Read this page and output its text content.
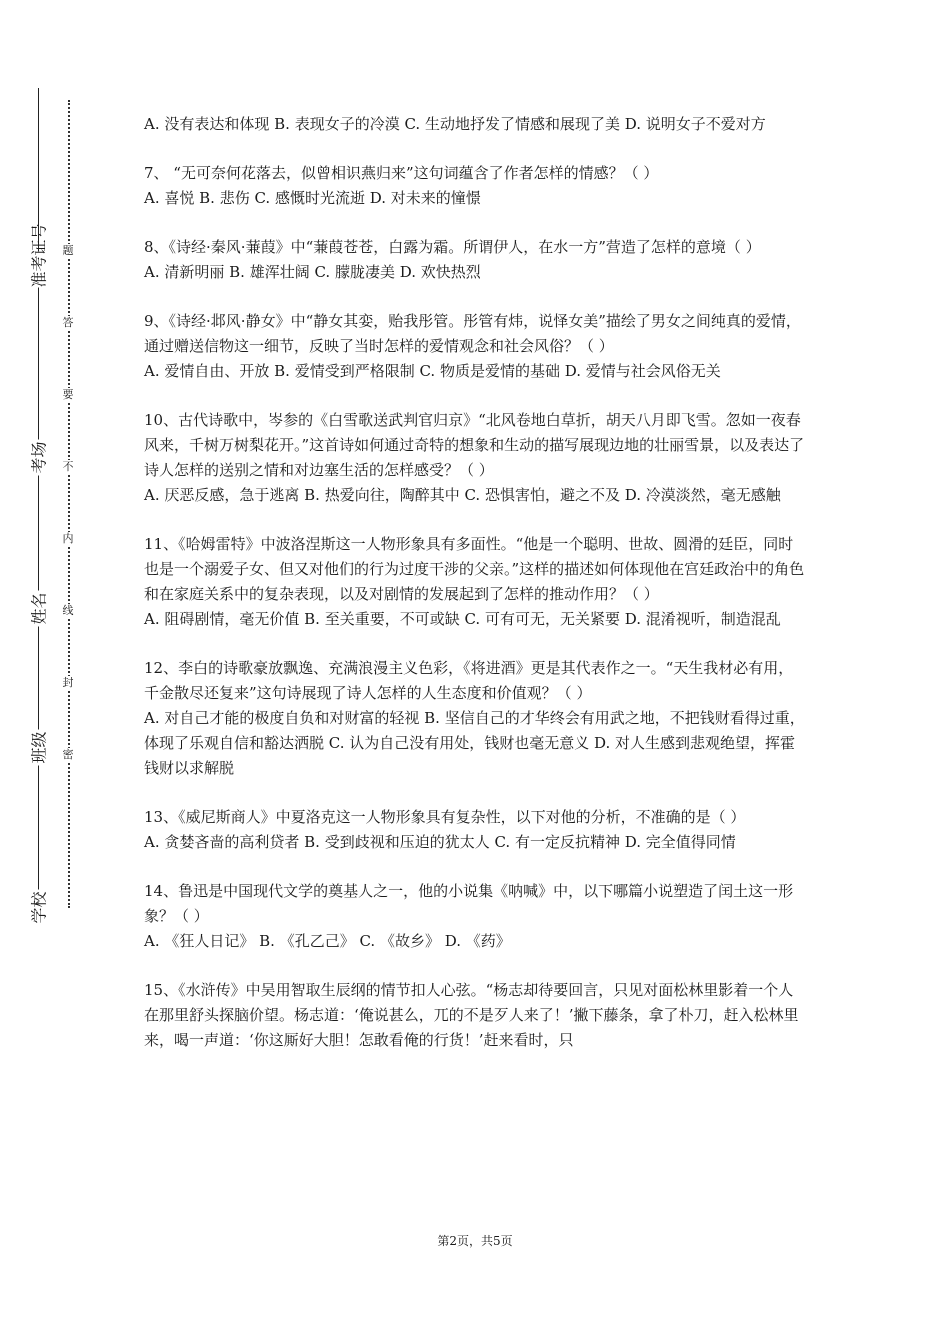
准考证号
考场
姓名
班级
学校
题
答
要
不
内
线
封
密

A. 没有表达和体现 B. 表现女子的冷漠 C. 生动地抒发了情感和展现了美 D. 说明女子不爱对方

7、 “无可奈何花落去，似曾相识燕归来”这句词蕴含了作者怎样的情感？（ ）

A. 喜悦 B. 悲伤 C. 感慨时光流逝 D. 对未来的憧憬

8、《诗经·秦风·蒹葭》中“蒹葭苍苍，白露为霜。所谓伊人，在水一方”营造了怎样的意境（ ）

A. 清新明丽 B. 雄浑壮阔 C. 朦胧凄美 D. 欢快热烈

9、《诗经·邶风·静女》中“静女其娈，贻我彤管。彤管有炜，说怿女美”描绘了男女之间纯真的爱情，通过赠送信物这一细节，反映了当时怎样的爱情观念和社会风俗？（ ）

A. 爱情自由、开放 B. 爱情受到严格限制 C. 物质是爱情的基础 D. 爱情与社会风俗无关

10、古代诗歌中，岑参的《白雪歌送武判官归京》“北风卷地白草折，胡天八月即飞雪。忽如一夜春风来，千树万树梨花开。”这首诗如何通过奇特的想象和生动的描写展现边地的壮丽雪景，以及表达了诗人怎样的送别之情和对边塞生活的怎样感受？（ ）

A. 厌恶反感，急于逃离 B. 热爱向往，陶醉其中 C. 恐惧害怕，避之不及 D. 冷漠淡然，毫无感触

11、《哈姆雷特》中波洛涅斯这一人物形象具有多面性。“他是一个聪明、世故、圆滑的廷臣，同时也是一个溺爱子女、但又对他们的行为过度干涉的父亲。”这样的描述如何体现他在宫廷政治中的角色和在家庭关系中的复杂表现，以及对剧情的发展起到了怎样的推动作用？（ ）

A. 阻碍剧情，毫无价值 B. 至关重要，不可或缺 C. 可有可无，无关紧要 D. 混淆视听，制造混乱

12、李白的诗歌豪放飘逸、充满浪漫主义色彩，《将进酒》更是其代表作之一。“天生我材必有用，千金散尽还复来”这句诗展现了诗人怎样的人生态度和价值观？（ ）

A. 对自己才能的极度自负和对财富的轻视 B. 坚信自己的才华终会有用武之地，不把钱财看得过重，体现了乐观自信和豁达洒脱 C. 认为自己没有用处，钱财也毫无意义 D. 对人生感到悲观绝望，挥霍钱财以求解脱

13、《威尼斯商人》中夏洛克这一人物形象具有复杂性，以下对他的分析，不准确的是（ ）

A. 贪婪吝啬的高利贷者 B. 受到歧视和压迫的犹太人 C. 有一定反抗精神 D. 完全值得同情

14、鲁迅是中国现代文学的奠基人之一，他的小说集《呐喊》中，以下哪篇小说塑造了闰土这一形象？（ ）

A. 《狂人日记》 B. 《孔乙己》 C. 《故乡》 D. 《药》

15、《水浒传》中吴用智取生辰纲的情节扣人心弦。“杨志却待要回言，只见对面松林里影着一个人在那里舒头探脑价望。杨志道：‘俺说甚么，兀的不是歹人来了！’撇下藤条，拿了朴刀，赶入松林里来，喝一声道：‘你这厮好大胆！怎敢看俺的行货！’赶来看时，只

第2页，共5页
